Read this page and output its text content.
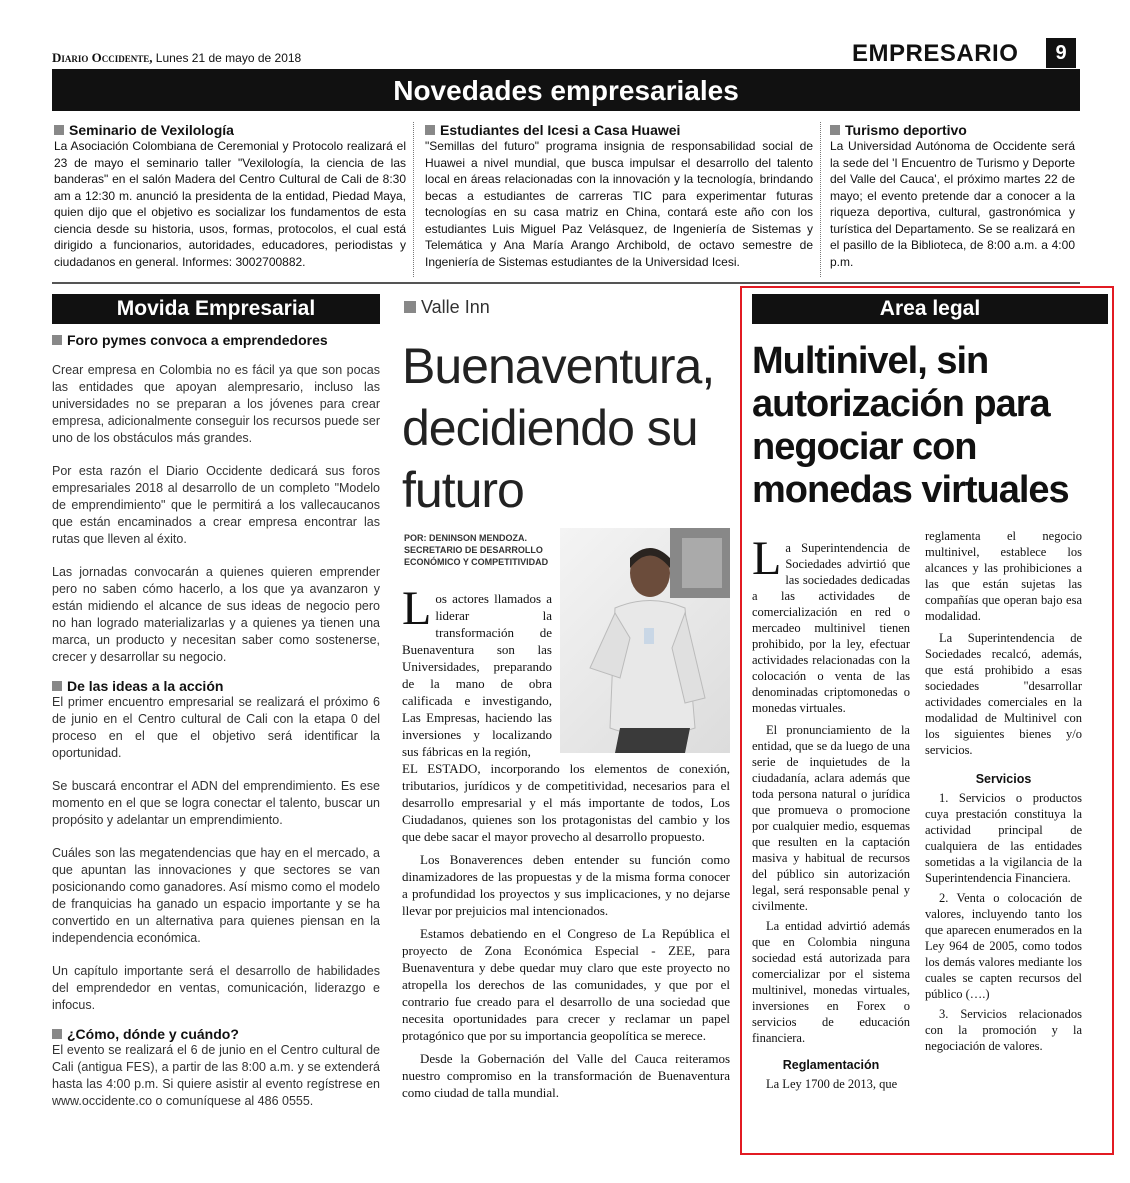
Diario Occidente, Lunes 21 de mayo de 2018	EMPRESARIO	9
Novedades empresariales
Seminario de Vexilología

La Asociación Colombiana de Ceremonial y Protocolo realizará el 23 de mayo el seminario taller "Vexilología, la ciencia de las banderas" en el salón Madera del Centro Cultural de Cali de 8:30 am a 12:30 m. anunció la presidenta de la entidad, Piedad Maya, quien dijo que el objetivo es socializar los fundamentos de esta ciencia desde su historia, usos, formas, protocolos, el cual está dirigido a funcionarios, autoridades, educadores, periodistas y ciudadanos en general. Informes: 3002700882.

Estudiantes del Icesi a Casa Huawei

"Semillas del futuro" programa insignia de responsabilidad social de Huawei a nivel mundial, que busca impulsar el desarrollo del talento local en áreas relacionadas con la innovación y la tecnología, brindando becas a estudiantes de carreras TIC para experimentar futuras tecnologías en su casa matriz en China, contará este año con los estudiantes Luis Miguel Paz Velásquez, de Ingeniería de Sistemas y Telemática y Ana María Arango Archibold, de octavo semestre de Ingeniería de Sistemas estudiantes de la Universidad Icesi.

Turismo deportivo

La Universidad Autónoma de Occidente será la sede del 'I Encuentro de Turismo y Deporte del Valle del Cauca', el próximo martes 22 de mayo; el evento pretende dar a conocer a la riqueza deportiva, cultural, gastronómica y turística del Departamento. Se se realizará en el pasillo de la Biblioteca, de 8:00 a.m. a 4:00 p.m.

Movida Empresarial
Foro pymes convoca a emprendedores

Crear empresa en Colombia no es fácil ya que son pocas las entidades que apoyan alempresario, incluso las universidades no se preparan a los jóvenes para crear empresa, adicionalmente conseguir los recursos puede ser uno de los obstáculos más grandes.

Por esta razón el Diario Occidente dedicará sus foros empresariales 2018 al desarrollo de un completo "Modelo de emprendimiento" que le permitirá a los vallecaucanos que están encaminados a crear empresa encontrar las rutas que lleven al éxito.

Las jornadas convocarán a quienes quieren emprender pero no saben cómo hacerlo, a los que ya avanzaron y están midiendo el alcance de sus ideas de negocio pero no han logrado materializarlas y a quienes ya tienen una marca, un producto y necesitan saber como sostenerse, crecer y desarrollar su negocio.

De las ideas a la acción

El primer encuentro empresarial se realizará el próximo 6 de junio en el Centro cultural de Cali con la etapa 0 del proceso en el que el objetivo será identificar la oportunidad.

Se buscará encontrar el ADN del emprendimiento. Es ese momento en el que se logra conectar el talento, buscar un propósito y adelantar un emprendimiento.

Cuáles son las megatendencias que hay en el mercado, a que apuntan las innovaciones y que sectores se van posicionando como ganadores. Así mismo como el modelo de franquicias ha ganado un espacio importante y se ha convertido en un alternativa para quienes piensan en la independencia económica.

Un capítulo importante será el desarrollo de habilidades del emprendedor en ventas, comunicación, liderazgo e infocus.

¿Cómo, dónde y cuándo?

El evento se realizará el 6 de junio en el Centro cultural de Cali (antigua FES), a partir de las 8:00 a.m. y se extenderá hasta las 4:00 p.m. Si quiere asistir al evento regístrese en www.occidente.co o comuníquese al 486 0555.

Valle Inn
Buenaventura, decidiendo su futuro
POR: DENINSON MENDOZA. SECRETARIO DE DESARROLLO ECONÓMICO Y COMPETITIVIDAD

Los actores llamados a liderar la transformación de Buenaventura son las Universidades, preparando de la mano de obra calificada e investigando, Las Empresas, haciendo las inversiones y localizando sus fábricas en la región,

EL ESTADO, incorporando los elementos de conexión, tributarios, jurídicos y de competitividad, necesarios para el desarrollo empresarial y el más importante de todos, Los Ciudadanos, quienes son los protagonistas del cambio y los que debe sacar el mayor provecho al desarrollo propuesto.

Los Bonaverences deben entender su función como dinamizadores de las propuestas y de la misma forma conocer a profundidad los proyectos y sus implicaciones, y no dejarse llevar por prejuicios mal intencionados.

Estamos debatiendo en el Congreso de La República el proyecto de Zona Económica Especial - ZEE, para Buenaventura y debe quedar muy claro que este proyecto no atropella los derechos de las comunidades, y que por el contrario fue creado para el desarrollo de una sociedad que necesita oportunidades para crecer y reclamar un papel protagónico que por su importancia geopolítica se merece.

Desde la Gobernación del Valle del Cauca reiteramos nuestro compromiso en la transformación de Buenaventura como ciudad de talla mundial.

Area legal
Multinivel, sin autorización para negociar con monedas virtuales

La Superintendencia de Sociedades advirtió que las sociedades dedicadas a las actividades de comercialización en red o mercadeo multinivel tienen prohibido, por la ley, efectuar actividades relacionadas con la colocación o venta de las denominadas criptomonedas o monedas virtuales.

El pronunciamiento de la entidad, que se da luego de una serie de inquietudes de la ciudadanía, aclara además que toda persona natural o jurídica que promueva o promocione por cualquier medio, esquemas que resulten en la captación masiva y habitual de recursos del público sin autorización legal, será responsable penal y civilmente.

La entidad advirtió además que en Colombia ninguna sociedad está autorizada para comercializar por el sistema multinivel, monedas virtuales, inversiones en Forex o servicios de educación financiera.

Reglamentación

La Ley 1700 de 2013, que

reglamenta el negocio multinivel, establece los alcances y las prohibiciones a las que están sujetas las compañías que operan bajo esa modalidad.

La Superintendencia de Sociedades recalcó, además, que está prohibido a esas sociedades "desarrollar actividades comerciales en la modalidad de Multinivel con los siguientes bienes y/o servicios.

Servicios

1. Servicios o productos cuya prestación constituya la actividad principal de cualquiera de las entidades sometidas a la vigilancia de la Superintendencia Financiera.

2. Venta o colocación de valores, incluyendo tanto los que aparecen enumerados en la Ley 964 de 2005, como todos los demás valores mediante los cuales se capten recursos del público (….)

3. Servicios relacionados con la promoción y la negociación de valores.
